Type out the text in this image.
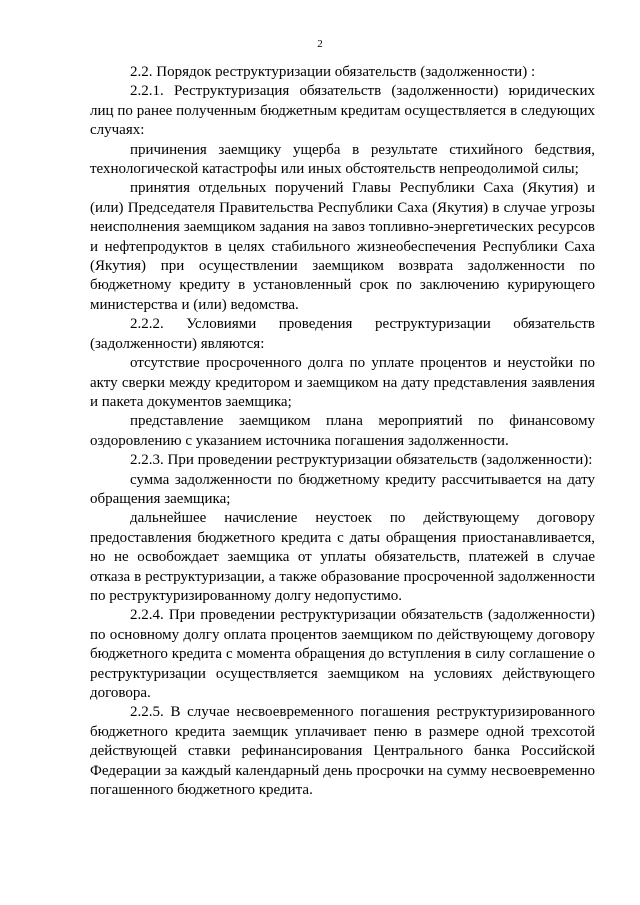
2

2.2. Порядок реструктуризации обязательств (задолженности) :

2.2.1. Реструктуризация обязательств (задолженности) юридических лиц по ранее полученным бюджетным кредитам осуществляется в следующих случаях:

причинения заемщику ущерба в результате стихийного бедствия, технологической катастрофы или иных обстоятельств непреодолимой силы;

принятия отдельных поручений Главы Республики Саха (Якутия) и (или) Председателя Правительства Республики Саха (Якутия) в случае угрозы неисполнения заемщиком задания на завоз топливно-энергетических ресурсов и нефтепродуктов в целях стабильного жизнеобеспечения Республики Саха (Якутия) при осуществлении заемщиком возврата задолженности по бюджетному кредиту в установленный срок по заключению курирующего министерства и (или) ведомства.

2.2.2. Условиями проведения реструктуризации обязательств (задолженности) являются:

отсутствие просроченного долга по уплате процентов и неустойки по акту сверки между кредитором и заемщиком на дату представления заявления и пакета документов заемщика;

представление заемщиком плана мероприятий по финансовому оздоровлению с указанием источника погашения задолженности.

2.2.3. При проведении реструктуризации обязательств (задолженности):

сумма задолженности по бюджетному кредиту рассчитывается на дату обращения заемщика;

дальнейшее начисление неустоек по действующему договору предоставления бюджетного кредита с даты обращения приостанавливается, но не освобождает заемщика от уплаты обязательств, платежей в случае отказа в реструктуризации, а также образование просроченной задолженности по реструктуризированному долгу недопустимо.

2.2.4. При проведении реструктуризации обязательств (задолженности) по основному долгу оплата процентов заемщиком по действующему договору бюджетного кредита с момента обращения до вступления в силу соглашение о реструктуризации осуществляется заемщиком на условиях действующего договора.

2.2.5. В случае несвоевременного погашения реструктуризированного бюджетного кредита заемщик уплачивает пеню в размере одной трехсотой действующей ставки рефинансирования Центрального банка Российской Федерации за каждый календарный день просрочки на сумму несвоевременно погашенного бюджетного кредита.
